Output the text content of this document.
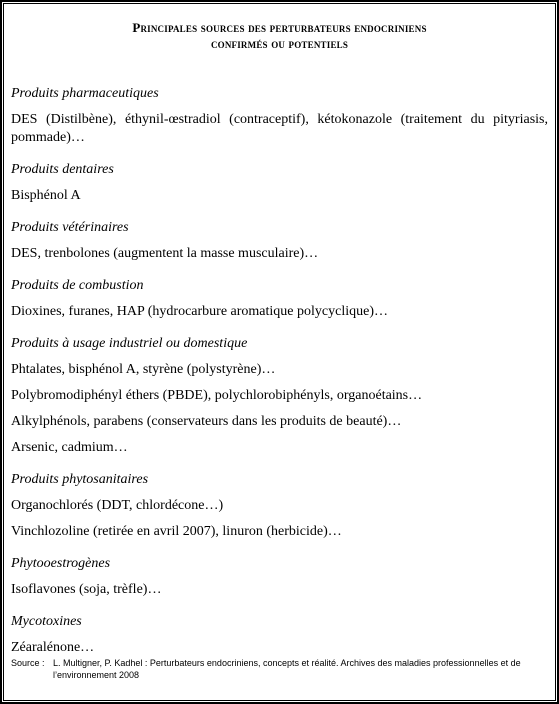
Principales sources des perturbateurs endocriniens
confirmés ou potentiels
Produits pharmaceutiques
DES (Distilbène), éthynil-œstradiol (contraceptif), kétokonazole (traitement du pityriasis, pommade)…
Produits dentaires
Bisphénol A
Produits vétérinaires
DES, trenbolones (augmentent la masse musculaire)…
Produits de combustion
Dioxines, furanes, HAP (hydrocarbure aromatique polycyclique)…
Produits à usage industriel ou domestique
Phtalates, bisphénol A, styrène (polystyrène)…
Polybromodiphényl éthers (PBDE), polychlorobiphényls, organoétains…
Alkylphénols, parabens (conservateurs dans les produits de beauté)…
Arsenic, cadmium…
Produits phytosanitaires
Organochlorés (DDT, chlordécone…)
Vinchlozoline (retirée en avril 2007), linuron (herbicide)…
Phytooestrogènes
Isoflavones (soja, trèfle)…
Mycotoxines
Zéaralénone…
Source : L. Multigner, P. Kadhel : Perturbateurs endocriniens, concepts et réalité. Archives des maladies professionnelles et de l’environnement 2008
